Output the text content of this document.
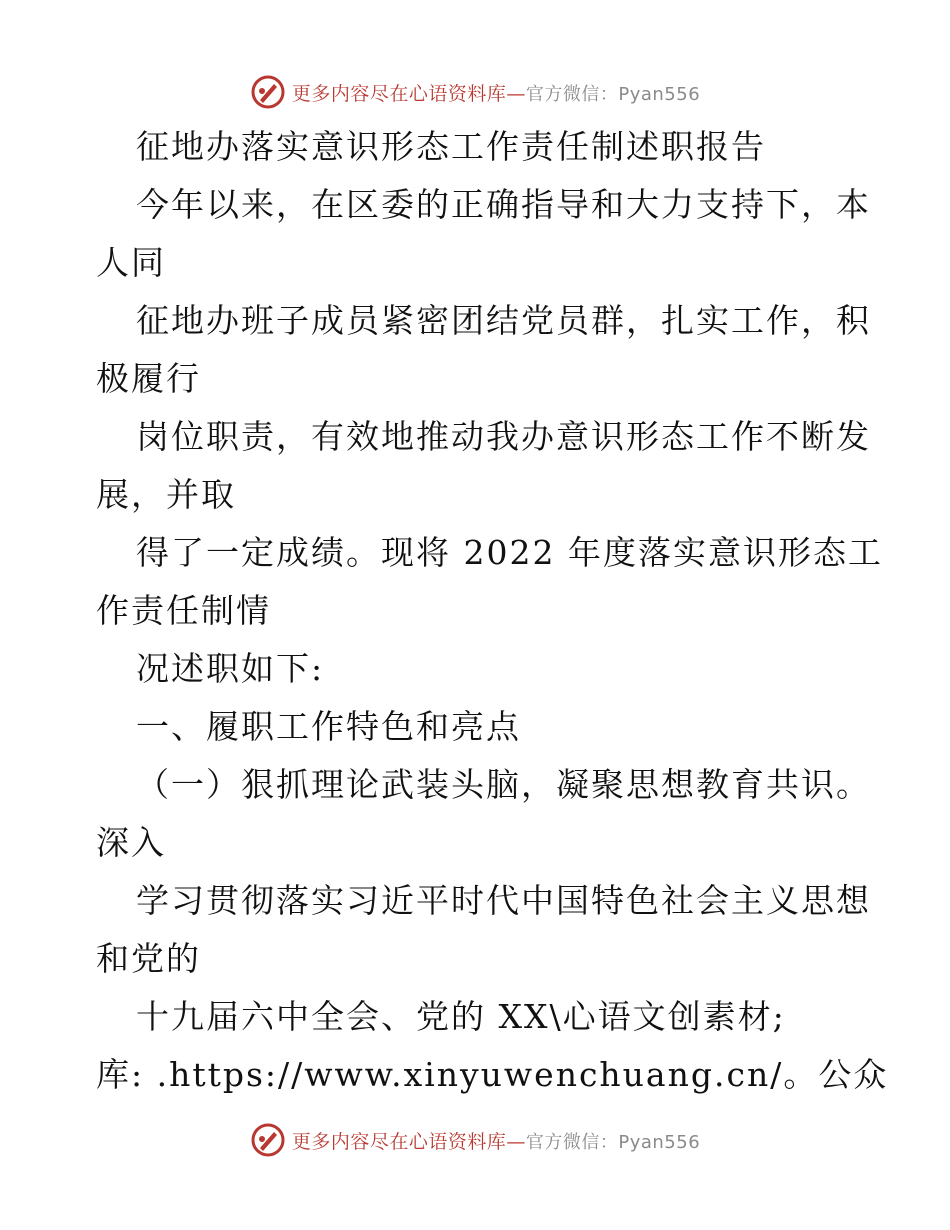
更多内容尽在心语资料库—官方微信：Pyan556
征地办落实意识形态工作责任制述职报告
今年以来，在区委的正确指导和大力支持下，本
人同
征地办班子成员紧密团结党员群，扎实工作，积
极履行
岗位职责，有效地推动我办意识形态工作不断发
展，并取
得了一定成绩。现将 2022 年度落实意识形态工
作责任制情
况述职如下:
一、履职工作特色和亮点
（一）狠抓理论武装头脑，凝聚思想教育共识。
深入
学习贯彻落实习近平时代中国特色社会主义思想
和党的
十九届六中全会、党的 XX\心语文创素材;
库: .https://www.xinyuwenchuang.cn/。公众
更多内容尽在心语资料库—官方微信：Pyan556
